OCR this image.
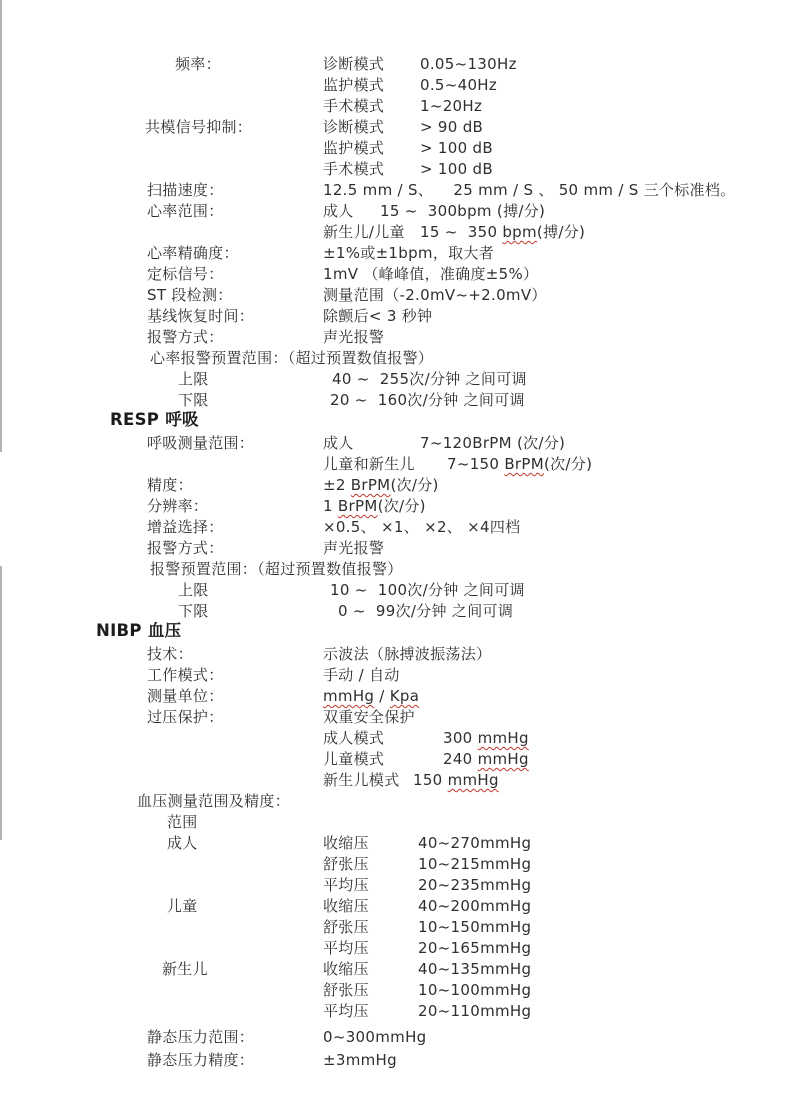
频率：	诊断模式 0.05~130Hz
监护模式 0.5~40Hz
手术模式 1~20Hz
共模信号抑制：	诊断模式 > 90 dB
监护模式 > 100 dB
手术模式 > 100 dB
扫描速度：	12.5 mm / S、    25 mm / S 、 50 mm / S 三个标准档。
心率范围：	成人 15 ~  300bpm (搏/分)
新生儿/儿童 15 ~  350 bpm(搏/分)
心率精确度：	±1%或±1bpm，取大者
定标信号：	1mV （峰峰值，准确度±5%）
ST 段检测：	测量范围（-2.0mV~+2.0mV）
基线恢复时间：	除颤后< 3 秒钟
报警方式：	声光报警
心率报警预置范围：（超过预置数值报警）
上限	40 ~  255次/分钟 之间可调
下限	20 ~  160次/分钟 之间可调
RESP 呼吸
呼吸测量范围：	成人	7~120BrPM (次/分)
儿童和新生儿 7~150 BrPM(次/分)
精度：	±2 BrPM(次/分)
分辨率：	1 BrPM(次/分)
增益选择：	×0.5、 ×1、 ×2、 ×4四档
报警方式：	声光报警
报警预置范围：（超过预置数值报警）
上限	10 ~  100次/分钟 之间可调
下限	0 ~  99次/分钟 之间可调
NIBP 血压
技术：	示波法（脉搏波振荡法）
工作模式：	手动 / 自动
测量单位：	mmHg / Kpa
过压保护：	双重安全保护
成人模式	300 mmHg
儿童模式	240 mmHg
新生儿模式 150 mmHg
血压测量范围及精度：
范围
成人	收缩压	40~270mmHg
舒张压	10~215mmHg
平均压	20~235mmHg
儿童	收缩压	40~200mmHg
舒张压	10~150mmHg
平均压	20~165mmHg
新生儿	收缩压	40~135mmHg
舒张压	10~100mmHg
平均压	20~110mmHg
静态压力范围：	0~300mmHg
静态压力精度：	±3mmHg
